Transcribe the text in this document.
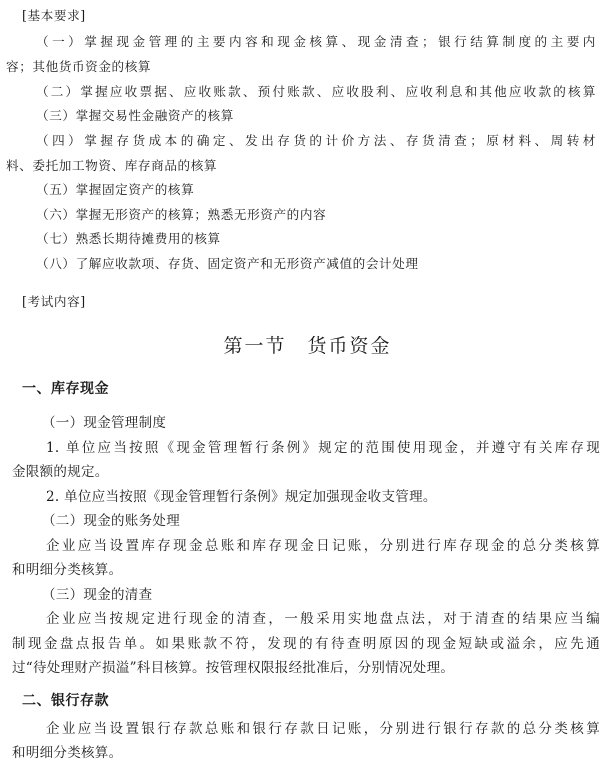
[基本要求]
（一）掌握现金管理的主要内容和现金核算、现金清查；银行结算制度的主要内
容；其他货币资金的核算
（二）掌握应收票据、应收账款、预付账款、应收股利、应收利息和其他应收款的核算
（三）掌握交易性金融资产的核算
（四）掌握存货成本的确定、发出存货的计价方法、存货清查；原材料、周转材
料、委托加工物资、库存商品的核算
（五）掌握固定资产的核算
（六）掌握无形资产的核算；熟悉无形资产的内容
（七）熟悉长期待摊费用的核算
（八）了解应收款项、存货、固定资产和无形资产减值的会计处理
[考试内容]
第一节　货币资金
一、库存现金
（一）现金管理制度
1. 单位应当按照《现金管理暂行条例》规定的范围使用现金，并遵守有关库存现
金限额的规定。
2. 单位应当按照《现金管理暂行条例》规定加强现金收支管理。
（二）现金的账务处理
企业应当设置库存现金总账和库存现金日记账，分别进行库存现金的总分类核算
和明细分类核算。
（三）现金的清查
企业应当按规定进行现金的清查，一般采用实地盘点法，对于清查的结果应当编
制现金盘点报告单。如果账款不符，发现的有待查明原因的现金短缺或溢余，应先通
过“待处理财产损溢”科目核算。按管理权限报经批准后，分别情况处理。
二、银行存款
企业应当设置银行存款总账和银行存款日记账，分别进行银行存款的总分类核算
和明细分类核算。
